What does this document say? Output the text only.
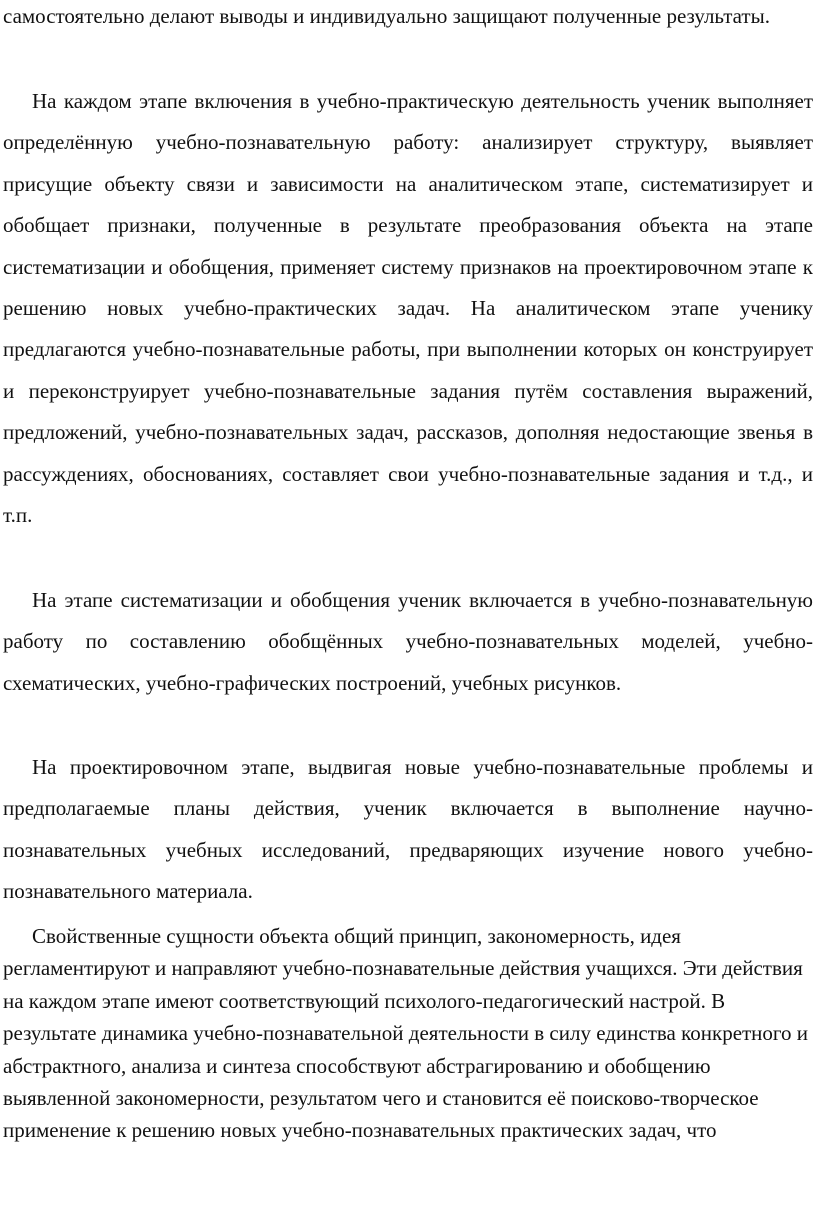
самостоятельно делают выводы и индивидуально защищают полученные результаты.

На каждом этапе включения в учебно-практическую деятельность ученик выполняет определённую учебно-познавательную работу: анализирует структуру, выявляет присущие объекту связи и зависимости на аналитическом этапе, систематизирует и обобщает признаки, полученные в результате преобразования объекта на этапе систематизации и обобщения, применяет систему признаков на проектировочном этапе к решению новых учебно-практических задач. На аналитическом этапе ученику предлагаются учебно-познавательные работы, при выполнении которых он конструирует и переконструирует учебно-познавательные задания путём составления выражений, предложений, учебно-познавательных задач, рассказов, дополняя недостающие звенья в рассуждениях, обоснованиях, составляет свои учебно-познавательные задания и т.д., и т.п.

На этапе систематизации и обобщения ученик включается в учебно-познавательную работу по составлению обобщённых учебно-познавательных моделей, учебно-схематических, учебно-графических построений, учебных рисунков.

На проектировочном этапе, выдвигая новые учебно-познавательные проблемы и предполагаемые планы действия, ученик включается в выполнение научно-познавательных учебных исследований, предваряющих изучение нового учебно-познавательного материала.

Свойственные сущности объекта общий принцип, закономерность, идея регламентируют и направляют учебно-познавательные действия учащихся. Эти действия на каждом этапе имеют соответствующий психолого-педагогический настрой. В результате динамика учебно-познавательной деятельности в силу единства конкретного и абстрактного, анализа и синтеза способствуют абстрагированию и обобщению выявленной закономерности, результатом чего и становится её поисково-творческое применение к решению новых учебно-познавательных практических задач, что
